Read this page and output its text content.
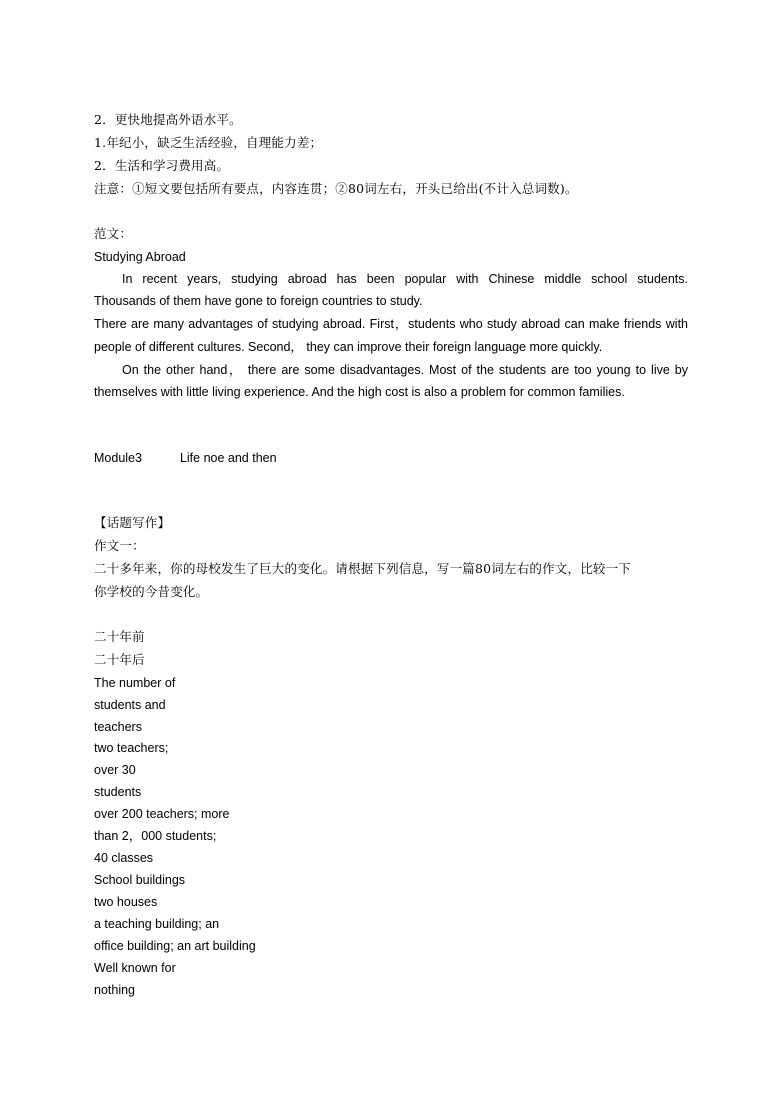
2．更快地提高外语水平。
1.年纪小，缺乏生活经验，自理能力差；
2．生活和学习费用高。
注意：①短文要包括所有要点，内容连贯；②80词左右，开头已给出(不计入总词数)。
范文：
Studying Abroad
In recent years, studying abroad has been popular with Chinese middle school students.
Thousands of them have gone to foreign countries to study.
There are many advantages of studying abroad. First，students who study abroad can make friends with
people of different cultures. Second， they can improve their foreign language more quickly.
On the other hand， there are some disadvantages. Most of the students are too young to live by
themselves with little living experience. And the high cost is also a problem for common families.
Module3	Life noe and then
【话题写作】
作文一：
二十多年来，你的母校发生了巨大的变化。请根据下列信息，写一篇80词左右的作文，比较一下
你学校的今昔变化。
二十年前
二十年后
The number of
students and
teachers
two teachers;
over 30
students
over 200 teachers; more
than 2，000 students;
40 classes
School buildings
two houses
a teaching building; an
office building; an art building
Well known for
nothing
